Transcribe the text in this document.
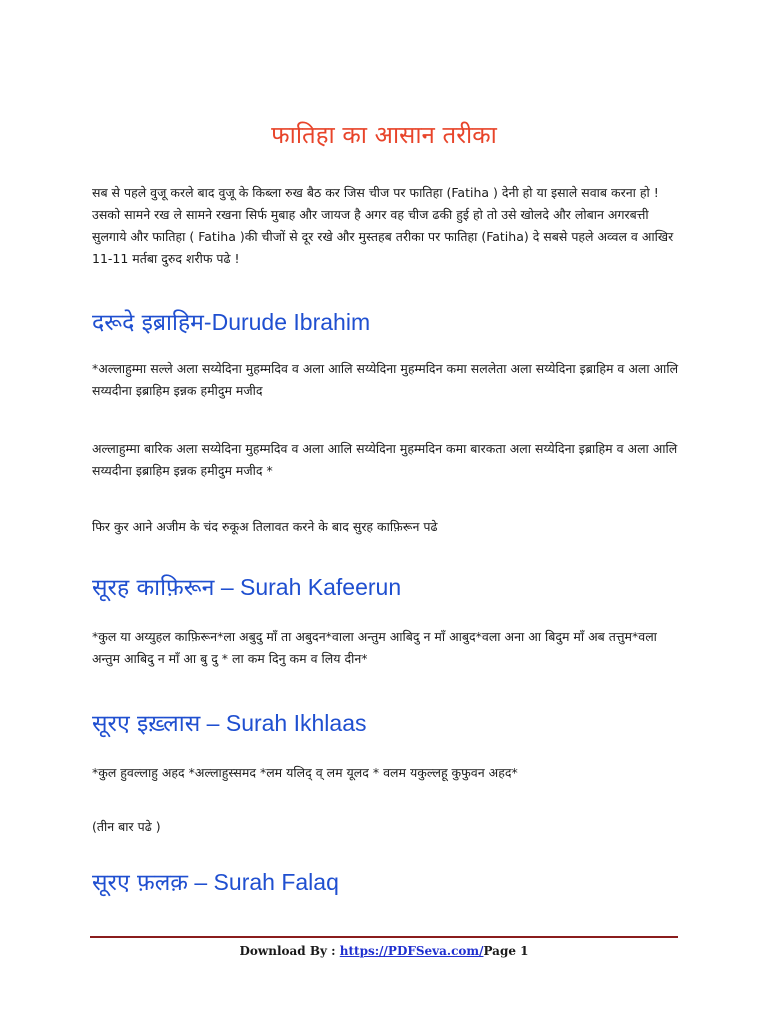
फातिहा का आसान तरीका
सब से पहले वुजू करले बाद वुजू के किब्ला रुख बैठ कर जिस चीज पर फातिहा (Fatiha ) देनी हो या इसाले सवाब करना हो ! उसको सामने रख ले सामने रखना सिर्फ मुबाह और जायज है अगर वह चीज ढकी हुई हो तो उसे खोलदे और लोबान अगरबत्ती सुलगाये और फातिहा ( Fatiha )की चीजों से दूर रखे और मुस्तहब तरीका पर फातिहा (Fatiha) दे सबसे पहले अव्वल व आखिर 11-11 मर्तबा दुरुद शरीफ पढे !
दरूदे इब्राहिम-Durude Ibrahim
*अल्लाहुम्मा सल्ले अला सय्येदिना मुहम्मदिव व अला आलि सय्येदिना मुहम्मदिन कमा सललेता अला सय्येदिना इब्राहिम व अला आलि सय्यदीना इब्राहिम इन्नक हमीदुम मजीद
अल्लाहुम्मा बारिक अला सय्येदिना मुहम्मदिव व अला आलि सय्येदिना मुहम्मदिन कमा बारकता अला सय्येदिना इब्राहिम व अला आलि सय्यदीना इब्राहिम इन्नक हमीदुम मजीद *
फिर कुर आने अजीम के चंद रुकूअ तिलावत करने के बाद सुरह काफ़िरून पढे
सूरह काफ़िरून – Surah Kafeerun
*कुल या अय्युहल काफ़िरून*ला अबुदु माँ ता अबुदन*वाला अन्तुम आबिदु न माँ आबुद*वला अना आ बिदुम माँ अब तत्तुम*वला अन्तुम आबिदु न माँ आ बु दु * ला कम दिनु कम व लिय दीन*
सूरए इख़्लास – Surah Ikhlaas
*कुल हुवल्लाहु अहद *अल्लाहुस्समद *लम यलिद् व् लम यूलद * वलम यकुल्लहू कुफुवन अहद*
(तीन बार पढे )
सूरए फ़लक़ – Surah Falaq
Download By : https://PDFSeva.com/Page 1
